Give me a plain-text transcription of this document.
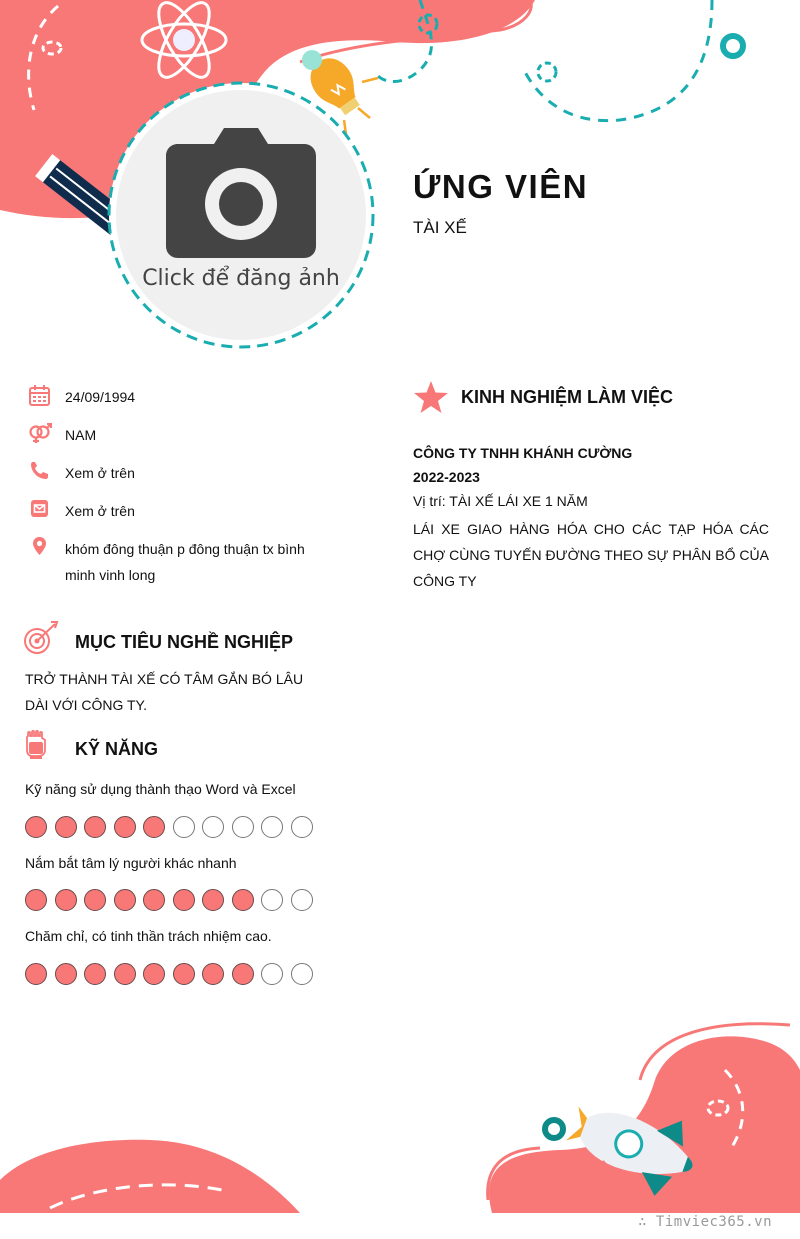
Click để đăng ảnh
ỨNG VIÊN
TÀI XẾ
24/09/1994
NAM
Xem ở trên
Xem ở trên
khóm đông thuận p đông thuận tx bình minh vinh long
MỤC TIÊU NGHỀ NGHIỆP
TRỞ THÀNH TÀI XẾ CÓ TÂM GẮN BÓ LÂU DÀI VỚI CÔNG TY.
KỸ NĂNG
Kỹ năng sử dụng thành thạo Word và Excel
Nắm bắt tâm lý người khác nhanh
Chăm chỉ, có tinh thần trách nhiệm cao.
KINH NGHIỆM LÀM VIỆC
CÔNG TY TNHH KHÁNH CƯỜNG
2022-2023
Vị trí: TÀI XẾ LÁI XE 1 NĂM
LÁI XE GIAO HÀNG HÓA CHO CÁC TẠP HÓA CÁC CHỢ CÙNG TUYẾN ĐƯỜNG THEO SỰ PHÂN BỔ CỦA CÔNG TY
∴ Timviec365.vn
